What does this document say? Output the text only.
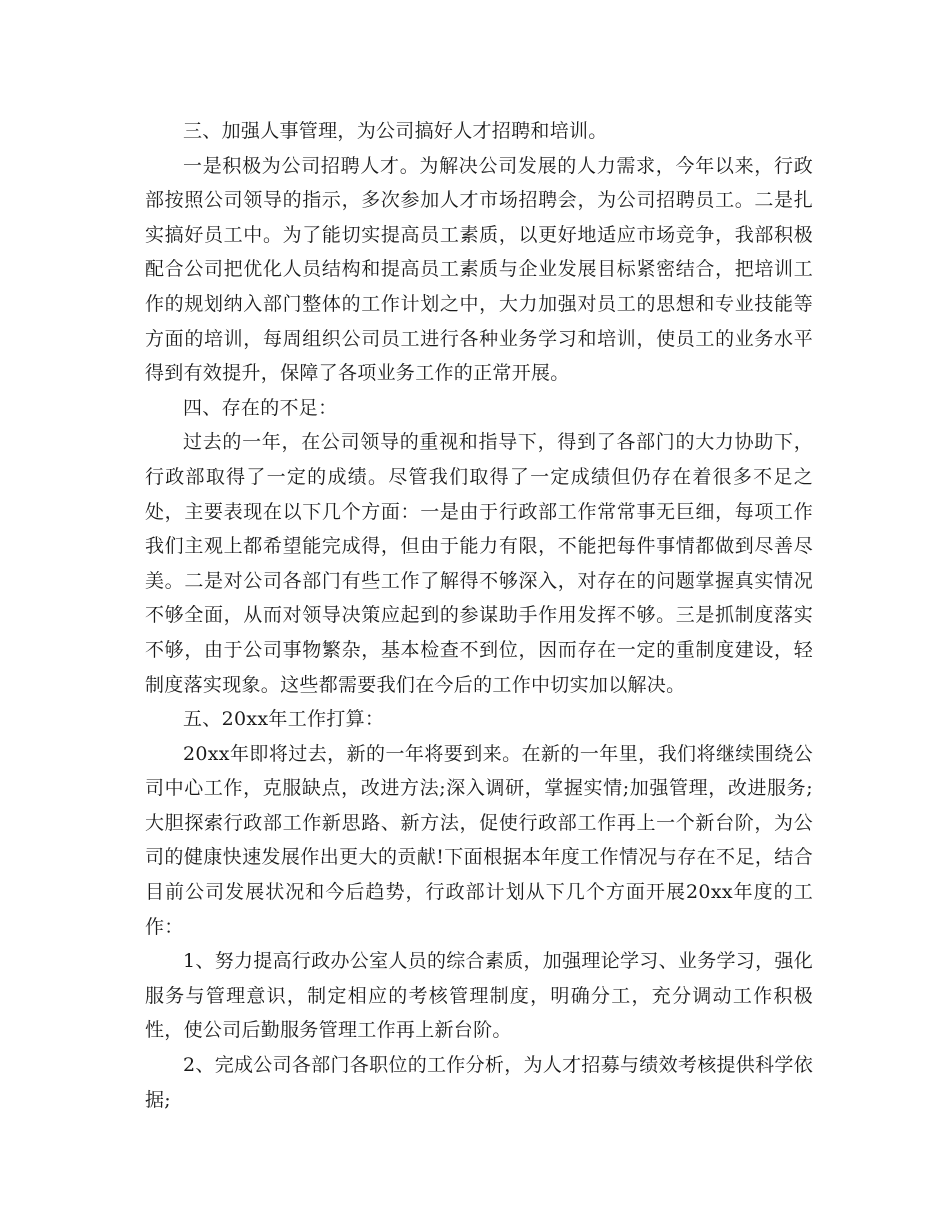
三、加强人事管理，为公司搞好人才招聘和培训。

一是积极为公司招聘人才。为解决公司发展的人力需求，今年以来，行政部按照公司领导的指示，多次参加人才市场招聘会，为公司招聘员工。二是扎实搞好员工中。为了能切实提高员工素质，以更好地适应市场竞争，我部积极配合公司把优化人员结构和提高员工素质与企业发展目标紧密结合，把培训工作的规划纳入部门整体的工作计划之中，大力加强对员工的思想和专业技能等方面的培训，每周组织公司员工进行各种业务学习和培训，使员工的业务水平得到有效提升，保障了各项业务工作的正常开展。

四、存在的不足：

过去的一年，在公司领导的重视和指导下，得到了各部门的大力协助下，行政部取得了一定的成绩。尽管我们取得了一定成绩但仍存在着很多不足之处，主要表现在以下几个方面：一是由于行政部工作常常事无巨细，每项工作我们主观上都希望能完成得，但由于能力有限，不能把每件事情都做到尽善尽美。二是对公司各部门有些工作了解得不够深入，对存在的问题掌握真实情况不够全面，从而对领导决策应起到的参谋助手作用发挥不够。三是抓制度落实不够，由于公司事物繁杂，基本检查不到位，因而存在一定的重制度建设，轻制度落实现象。这些都需要我们在今后的工作中切实加以解决。

五、20xx年工作打算：

20xx年即将过去，新的一年将要到来。在新的一年里，我们将继续围绕公司中心工作，克服缺点，改进方法;深入调研，掌握实情;加强管理，改进服务;大胆探索行政部工作新思路、新方法，促使行政部工作再上一个新台阶，为公司的健康快速发展作出更大的贡献!下面根据本年度工作情况与存在不足，结合目前公司发展状况和今后趋势，行政部计划从下几个方面开展20xx年度的工作：

1、努力提高行政办公室人员的综合素质，加强理论学习、业务学习，强化服务与管理意识，制定相应的考核管理制度，明确分工，充分调动工作积极性，使公司后勤服务管理工作再上新台阶。

2、完成公司各部门各职位的工作分析，为人才招募与绩效考核提供科学依据;
